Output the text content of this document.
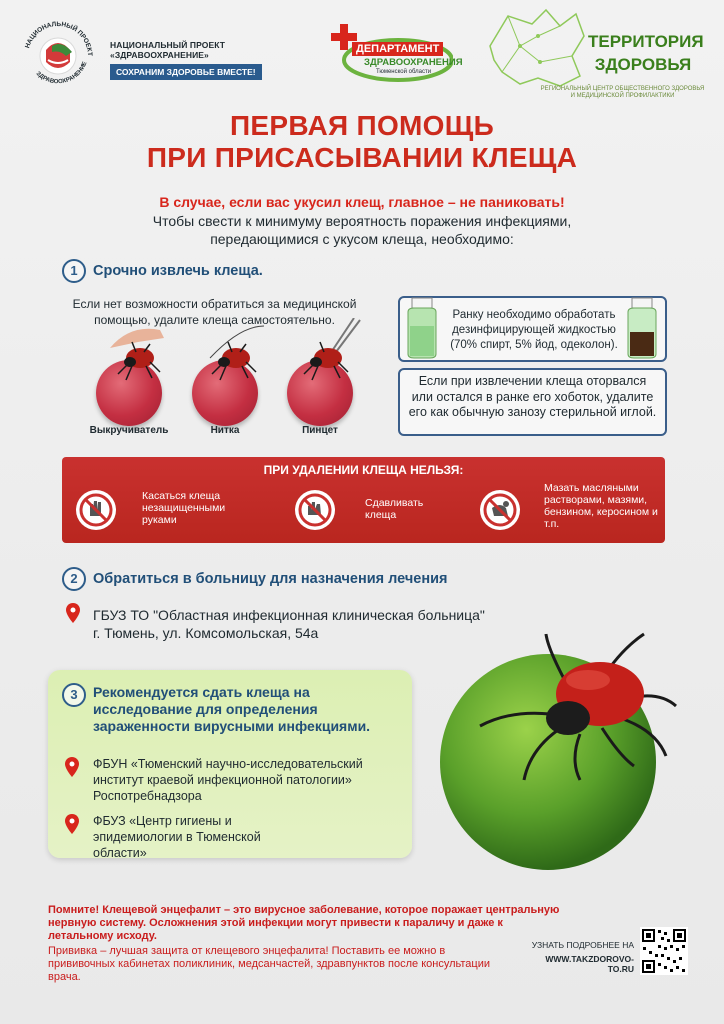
НАЦИОНАЛЬНЫЙ ПРОЕКТ
ЗДРАВООХРАНЕНИЕ
НАЦИОНАЛЬНЫЙ ПРОЕКТ «ЗДРАВООХРАНЕНИЕ»
СОХРАНИМ ЗДОРОВЬЕ ВМЕСТЕ!
ДЕПАРТАМЕНТ
ЗДРАВООХРАНЕНИЯ
Тюменской области
ТЕРРИТОРИЯ ЗДОРОВЬЯ
РЕГИОНАЛЬНЫЙ ЦЕНТР ОБЩЕСТВЕННОГО ЗДОРОВЬЯ И МЕДИЦИНСКОЙ ПРОФИЛАКТИКИ
ПЕРВАЯ ПОМОЩЬ
ПРИ ПРИСАСЫВАНИИ КЛЕЩА
В случае, если вас укусил клещ, главное – не паниковать!
Чтобы свести к минимуму вероятность поражения инфекциями,
передающимися с укусом клеща, необходимо:
1	Срочно извлечь клеща.
Если нет возможности обратиться за медицинской помощью, удалите клеща самостоятельно.
Выкручиватель	Нитка	Пинцет
Ранку необходимо обработать дезинфицирующей жидкостью (70% спирт, 5% йод, одеколон).
Если при извлечении клеща оторвался или остался в ранке его хоботок, удалите его как обычную занозу стерильной иглой.
ПРИ УДАЛЕНИИ КЛЕЩА НЕЛЬЗЯ:
Касаться клеща незащищенными руками
Сдавливать клеща
Мазать масляными растворами, мазями, бензином, керосином и т.п.
2	Обратиться в больницу для назначения лечения
ГБУЗ ТО "Областная инфекционная клиническая больница"
г. Тюмень, ул. Комсомольская, 54а
3	Рекомендуется сдать клеща на исследование для определения зараженности вирусными инфекциями.
ФБУН «Тюменский научно-исследовательский институт краевой инфекционной патологии» Роспотребнадзора
ФБУЗ «Центр гигиены и эпидемиологии в Тюменской области»
Помните! Клещевой энцефалит – это вирусное заболевание, которое поражает центральную нервную систему. Осложнения этой инфекции могут привести к параличу и даже к летальному исходу.
Прививка – лучшая защита от клещевого энцефалита! Поставить ее можно в прививочных кабинетах поликлиник, медсанчастей, здравпунктов после консультации врача.
УЗНАТЬ ПОДРОБНЕЕ НА
WWW.TAKZDOROVO-TO.RU
